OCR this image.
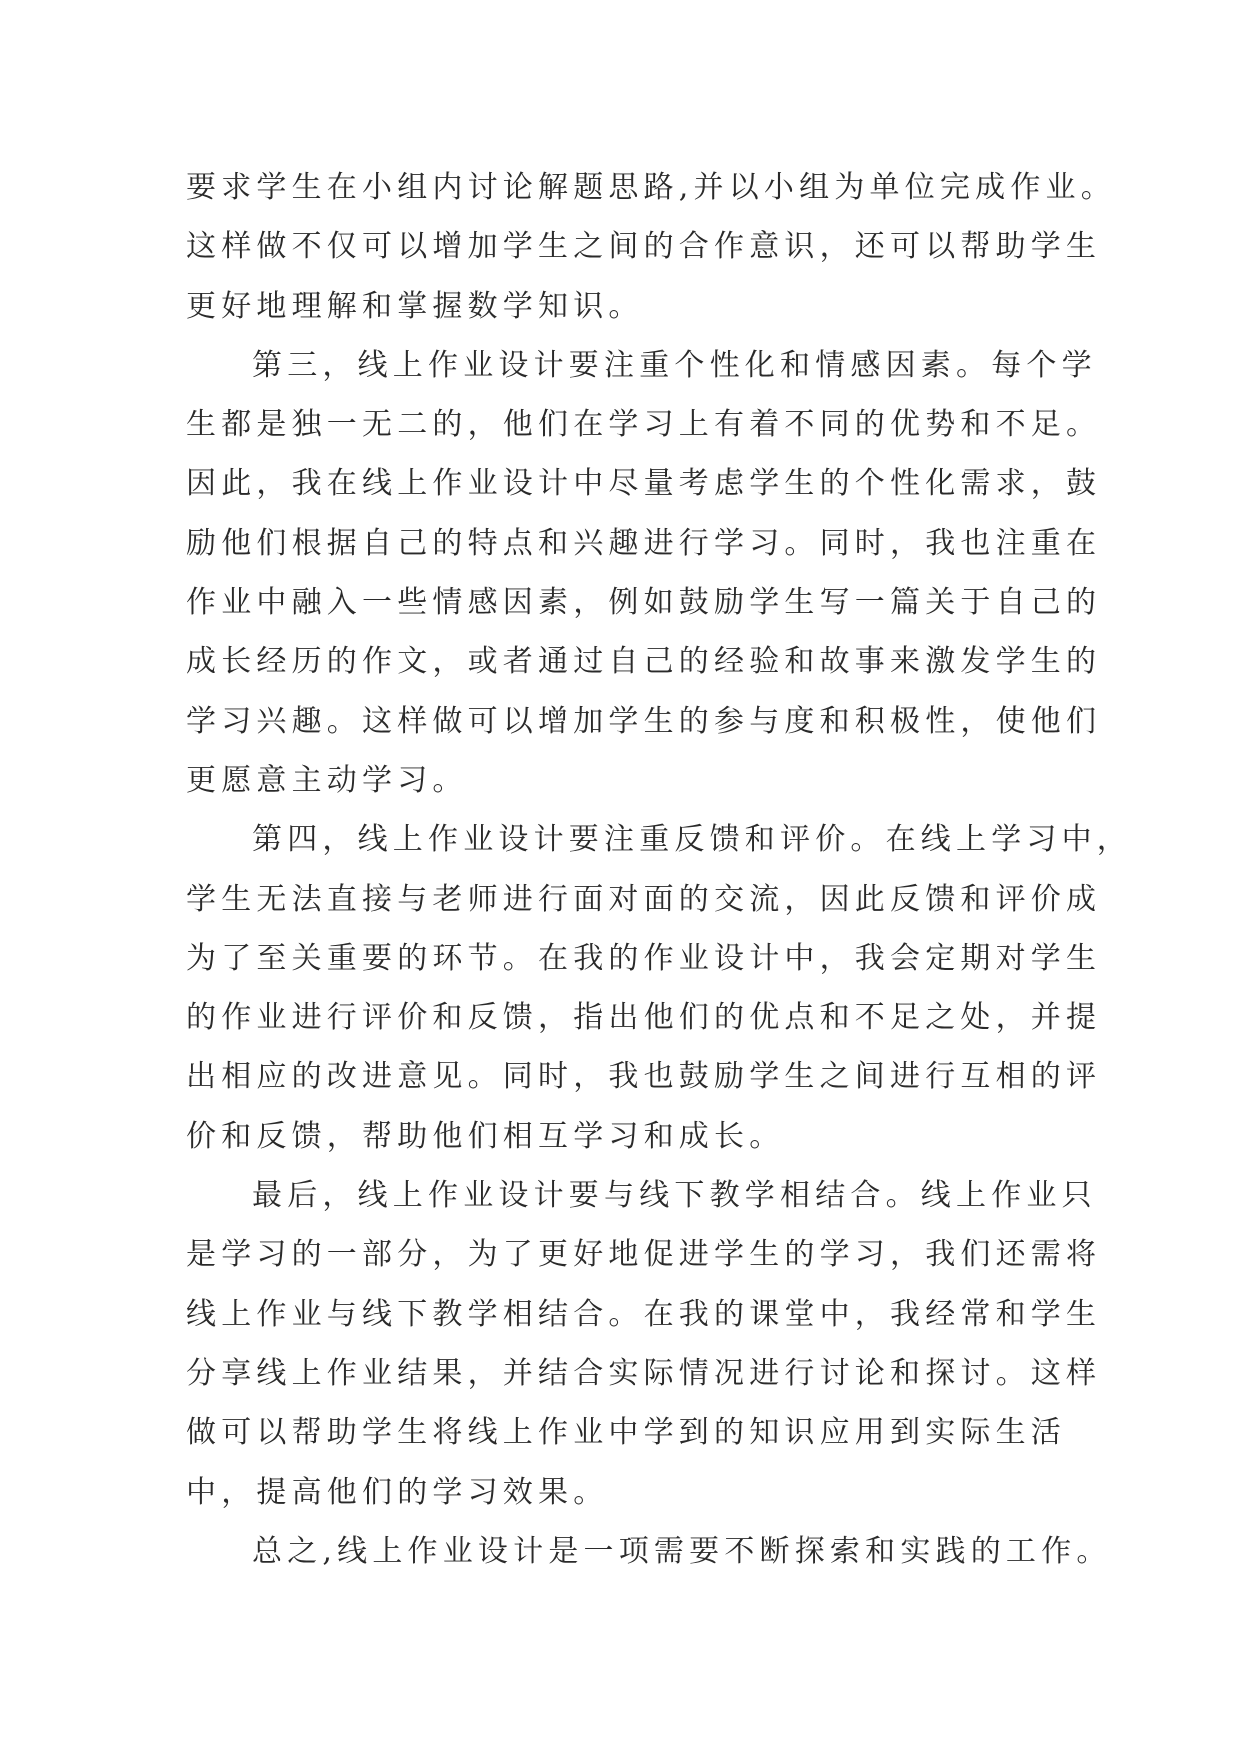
要求学生在小组内讨论解题思路,并以小组为单位完成作业。
这样做不仅可以增加学生之间的合作意识，还可以帮助学生
更好地理解和掌握数学知识。
第三，线上作业设计要注重个性化和情感因素。每个学
生都是独一无二的，他们在学习上有着不同的优势和不足。
因此，我在线上作业设计中尽量考虑学生的个性化需求，鼓
励他们根据自己的特点和兴趣进行学习。同时，我也注重在
作业中融入一些情感因素，例如鼓励学生写一篇关于自己的
成长经历的作文，或者通过自己的经验和故事来激发学生的
学习兴趣。这样做可以增加学生的参与度和积极性，使他们
更愿意主动学习。
第四，线上作业设计要注重反馈和评价。在线上学习中，
学生无法直接与老师进行面对面的交流，因此反馈和评价成
为了至关重要的环节。在我的作业设计中，我会定期对学生
的作业进行评价和反馈，指出他们的优点和不足之处，并提
出相应的改进意见。同时，我也鼓励学生之间进行互相的评
价和反馈，帮助他们相互学习和成长。
最后，线上作业设计要与线下教学相结合。线上作业只
是学习的一部分，为了更好地促进学生的学习，我们还需将
线上作业与线下教学相结合。在我的课堂中，我经常和学生
分享线上作业结果，并结合实际情况进行讨论和探讨。这样
做可以帮助学生将线上作业中学到的知识应用到实际生活
中，提高他们的学习效果。
总之,线上作业设计是一项需要不断探索和实践的工作。
